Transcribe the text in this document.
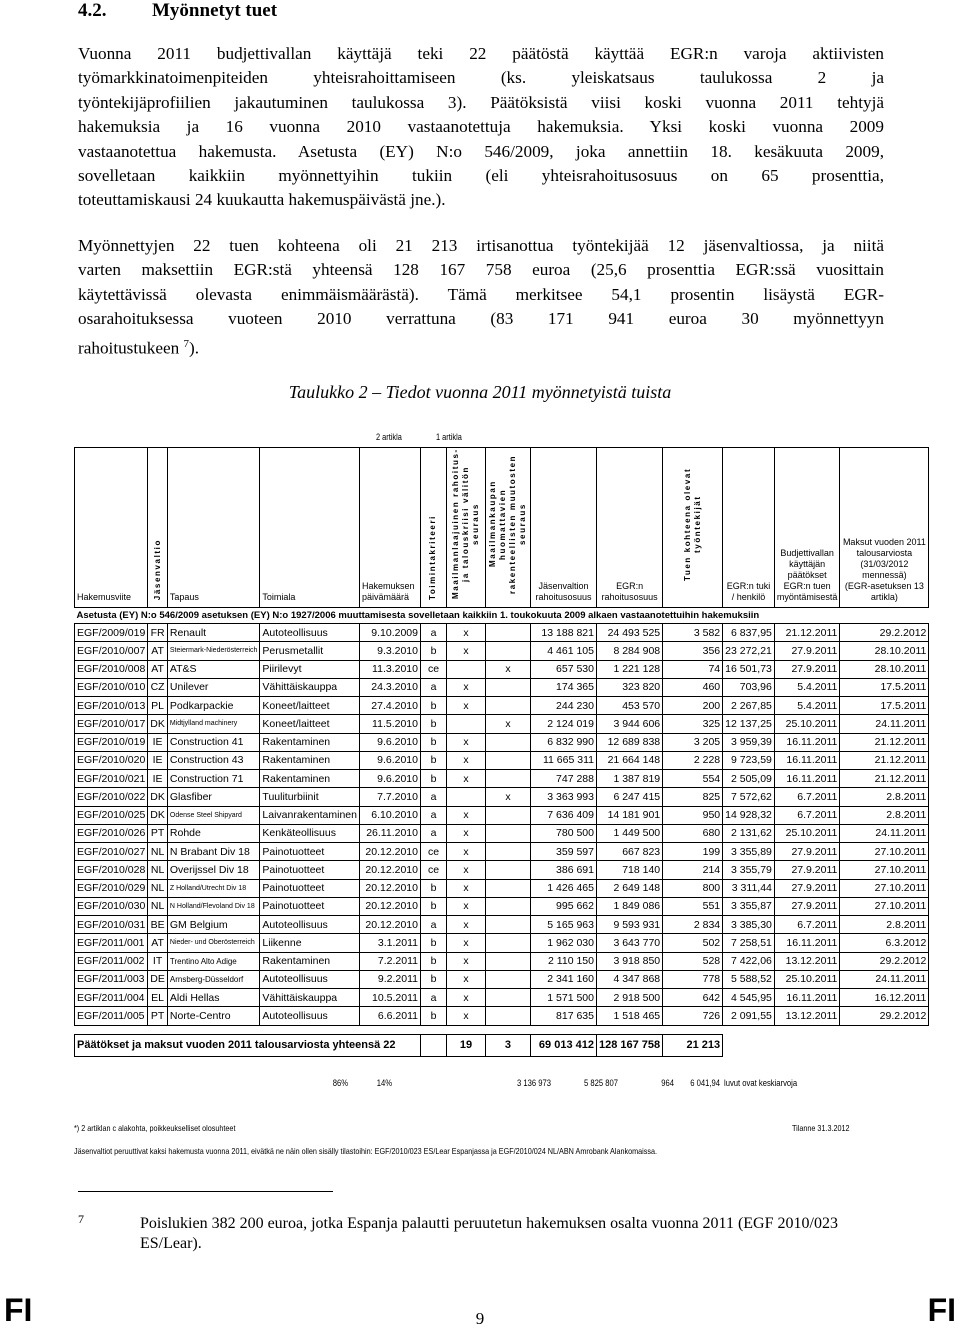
4.2. Myönnetyt tuet
Vuonna 2011 budjettivallan käyttäjä teki 22 päätöstä käyttää EGR:n varoja aktiivisten
työmarkkinatoimenpiteiden yhteisrahoittamiseen (ks. yleiskatsaus taulukossa 2 ja
työntekijäprofiilien jakautuminen taulukossa 3). Päätöksistä viisi koski vuonna 2011 tehtyjä
hakemuksia ja 16 vuonna 2010 vastaanotettuja hakemuksia. Yksi koski vuonna 2009
vastaanotettua hakemusta. Asetusta (EY) N:o 546/2009, joka annettiin 18. kesäkuuta 2009,
sovelletaan kaikkiin myönnettyihin tukiin (eli yhteisrahoitusosuus on 65 prosenttia,
toteuttamiskausi 24 kuukautta hakemuspäivästä jne.).
Myönnettyjen 22 tuen kohteena oli 21 213 irtisanottua työntekijää 12 jäsenvaltiossa, ja niitä
varten maksettiin EGR:stä yhteensä 128 167 758 euroa (25,6 prosenttia EGR:ssä vuosittain
käytettävissä olevasta enimmäismäärästä). Tämä merkitsee 54,1 prosentin lisäystä EGR-
osarahoituksessa vuoteen 2010 verrattuna (83 171 941 euroa 30 myönnettyyn
rahoitustukeen $^7$).
Taulukko 2 – Tiedot vuonna 2011 myönnetyistä tuista
2 artikla	1 artikla
Hakemusviite	Jäsenvaltio	Tapaus	Toimiala	Hakemuksen päivämäärä	Toimintakriteeri	Maailmanlaajuinen rahoitus- ja talouskriisi välitön seuraus	Maailmankaupan huomattavien rakenteellisten muutosten seuraus	Jäsenvaltion rahoitusosuus	EGR:n rahoitusosuus	Tuen kohteena olevat työntekijät	EGR:n tuki / henkilö	Budjettivallan käyttäjän päätökset EGR:n tuen myöntämisestä	Maksut vuoden 2011 talousarviosta (31/03/2012 mennessä)
(EGR-asetuksen 13 artikla)
Asetusta (EY) N:o 546/2009 asetuksen (EY) N:o 1927/2006 muuttamisesta sovelletaan kaikkiin 1. toukokuuta 2009 alkaen vastaanotettuihin hakemuksiin													
EGF/2009/019	FR	Renault	Autoteollisuus	9.10.2009	a	x		13 188 821	24 493 525	3 582	6 837,95	21.12.2011	29.2.2012
EGF/2010/007	AT	Steiermark-Niederösterreich	Perusmetallit	9.3.2010	b	x		4 461 105	8 284 908	356	23 272,21	27.9.2011	28.10.2011
EGF/2010/008	AT	AT&S	Piirilevyt	11.3.2010	ce		x	657 530	1 221 128	74	16 501,73	27.9.2011	28.10.2011
EGF/2010/010	CZ	Unilever	Vähittäiskauppa	24.3.2010	a	x		174 365	323 820	460	703,96	5.4.2011	17.5.2011
EGF/2010/013	PL	Podkarpackie	Koneet/laitteet	27.4.2010	b	x		244 230	453 570	200	2 267,85	5.4.2011	17.5.2011
EGF/2010/017	DK	Midtjylland machinery	Koneet/laitteet	11.5.2010	b		x	2 124 019	3 944 606	325	12 137,25	25.10.2011	24.11.2011
EGF/2010/019	IE	Construction 41	Rakentaminen	9.6.2010	b	x		6 832 990	12 689 838	3 205	3 959,39	16.11.2011	21.12.2011
EGF/2010/020	IE	Construction 43	Rakentaminen	9.6.2010	b	x		11 665 311	21 664 148	2 228	9 723,59	16.11.2011	21.12.2011
EGF/2010/021	IE	Construction 71	Rakentaminen	9.6.2010	b	x		747 288	1 387 819	554	2 505,09	16.11.2011	21.12.2011
EGF/2010/022	DK	Glasfiber	Tuuliturbiinit	7.7.2010	a		x	3 363 993	6 247 415	825	7 572,62	6.7.2011	2.8.2011
EGF/2010/025	DK	Odense Steel Shipyard	Laivanrakentaminen	6.10.2010	a	x		7 636 409	14 181 901	950	14 928,32	6.7.2011	2.8.2011
EGF/2010/026	PT	Rohde	Kenkäteollisuus	26.11.2010	a	x		780 500	1 449 500	680	2 131,62	25.10.2011	24.11.2011
EGF/2010/027	NL	N Brabant Div 18	Painotuotteet	20.12.2010	ce	x		359 597	667 823	199	3 355,89	27.9.2011	27.10.2011
EGF/2010/028	NL	Overijssel Div 18	Painotuotteet	20.12.2010	ce	x		386 691	718 140	214	3 355,79	27.9.2011	27.10.2011
EGF/2010/029	NL	Z Holland/Utrecht Div 18	Painotuotteet	20.12.2010	b	x		1 426 465	2 649 148	800	3 311,44	27.9.2011	27.10.2011
EGF/2010/030	NL	N Holland/Flevoland Div 18	Painotuotteet	20.12.2010	b	x		995 662	1 849 086	551	3 355,87	27.9.2011	27.10.2011
EGF/2010/031	BE	GM Belgium	Autoteollisuus	20.12.2010	a	x		5 165 963	9 593 931	2 834	3 385,30	6.7.2011	2.8.2011
EGF/2011/001	AT	Nieder- und Oberösterreich	Liikenne	3.1.2011	b	x		1 962 030	3 643 770	502	7 258,51	16.11.2011	6.3.2012
EGF/2011/002	IT	Trentino Alto Adige	Rakentaminen	7.2.2011	b	x		2 110 150	3 918 850	528	7 422,06	13.12.2011	29.2.2012
EGF/2011/003	DE	Arnsberg-Düsseldorf	Autoteollisuus	9.2.2011	b	x		2 341 160	4 347 868	778	5 588,52	25.10.2011	24.11.2011
EGF/2011/004	EL	Aldi Hellas	Vähittäiskauppa	10.5.2011	a	x		1 571 500	2 918 500	642	4 545,95	16.11.2011	16.12.2011
EGF/2011/005	PT	Norte-Centro	Autoteollisuus	6.6.2011	b	x		817 635	1 518 465	726	2 091,55	13.12.2011	29.2.2012

Päätökset ja maksut vuoden 2011 talousarviosta yhteensä 22						19	3	69 013 412	128 167 758	21 213			
86%	14%	3 136 973	5 825 807	964 6 041,94 luvut ovat keskiarvoja
*) 2 artiklan c alakohta, poikkeukselliset olosuhteet	Tilanne 31.3.2012
Jäsenvaltiot peruuttivat kaksi hakemusta vuonna 2011, eivätkä ne näin ollen sisälly tilastoihin: EGF/2010/023 ES/Lear Espanjassa ja EGF/2010/024 NL/ABN Amrobank Alankomaissa.
7	Poislukien 382 200 euroa, jotka Espanja palautti peruutetun hakemuksen osalta vuonna 2011 (EGF 2010/023 ES/Lear).
FI	9	FI
